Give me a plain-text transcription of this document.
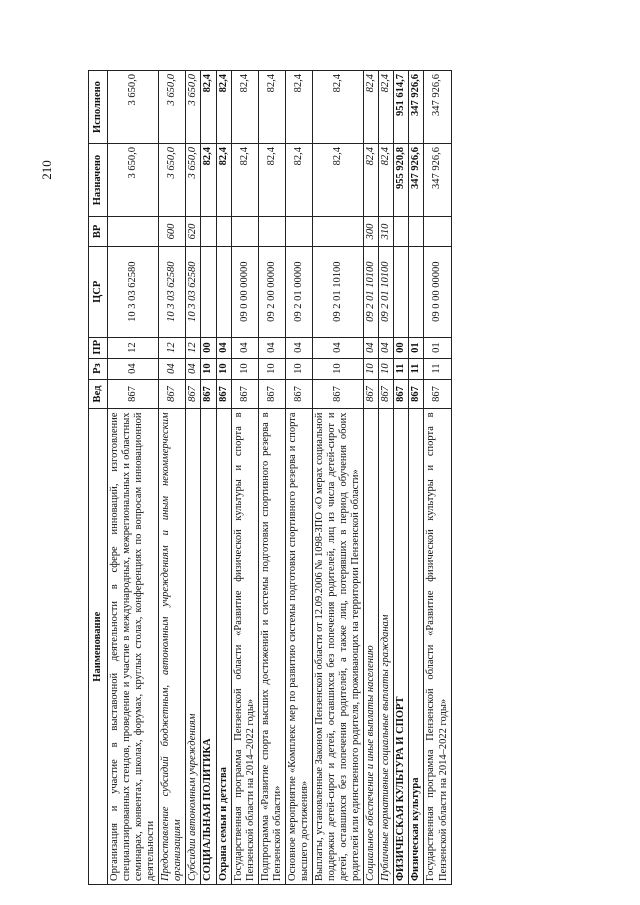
210
Наименование	Вед	Рз	ПР	ЦСР	ВР	Назначено	Исполнено
Организация и участие в выставочной деятельности в сфере инноваций, изготовление специализированных стендов, проведение и участие в международных, межрегиональных и областных семинарах, конвентах, школах, форумах, круглых столах, конференциях по вопросам инновационной деятельности	867	04	12	10 3 03 62580		3 650,0	3 650,0
Предоставление субсидий бюджетным, автономным учреждениям и иным некоммерческим организациям	867	04	12	10 3 03 62580	600	3 650,0	3 650,0
Субсидии автономным учреждениям	867	04	12	10 3 03 62580	620	3 650,0	3 650,0
СОЦИАЛЬНАЯ ПОЛИТИКА	867	10	00			82,4	82,4
Охрана семьи и детства	867	10	04			82,4	82,4
Государственная программа Пензенской области «Развитие физической культуры и спорта в Пензенской области на 2014–2022 годы»	867	10	04	09 0 00 00000		82,4	82,4
Подпрограмма «Развитие спорта высших достижений и системы подготовки спортивного резерва в Пензенской области»	867	10	04	09 2 00 00000		82,4	82,4
Основное мероприятие «Комплекс мер по развитию системы подготовки спортивного резерва и спорта высшего достижения»	867	10	04	09 2 01 00000		82,4	82,4
Выплаты, установленные Законом Пензенской области от 12.09.2006 № 1098-ЗПО «О мерах социальной поддержки детей-сирот и детей, оставшихся без попечения родителей, лиц из числа детей-сирот и детей, оставшихся без попечения родителей, а также лиц, потерявших в период обучения обоих родителей или единственного родителя, проживающих на территории Пензенской области»	867	10	04	09 2 01 10100		82,4	82,4
Социальное обеспечение и иные выплаты населению	867	10	04	09 2 01 10100	300	82,4	82,4
Публичные нормативные социальные выплаты гражданам	867	10	04	09 2 01 10100	310	82,4	82,4
ФИЗИЧЕСКАЯ КУЛЬТУРА И СПОРТ	867	11	00			955 920,8	951 614,7
Физическая культура	867	11	01			347 926,6	347 926,6
Государственная программа Пензенской области «Развитие физической культуры и спорта в Пензенской области на 2014–2022 годы»	867	11	01	09 0 00 00000		347 926,6	347 926,6
